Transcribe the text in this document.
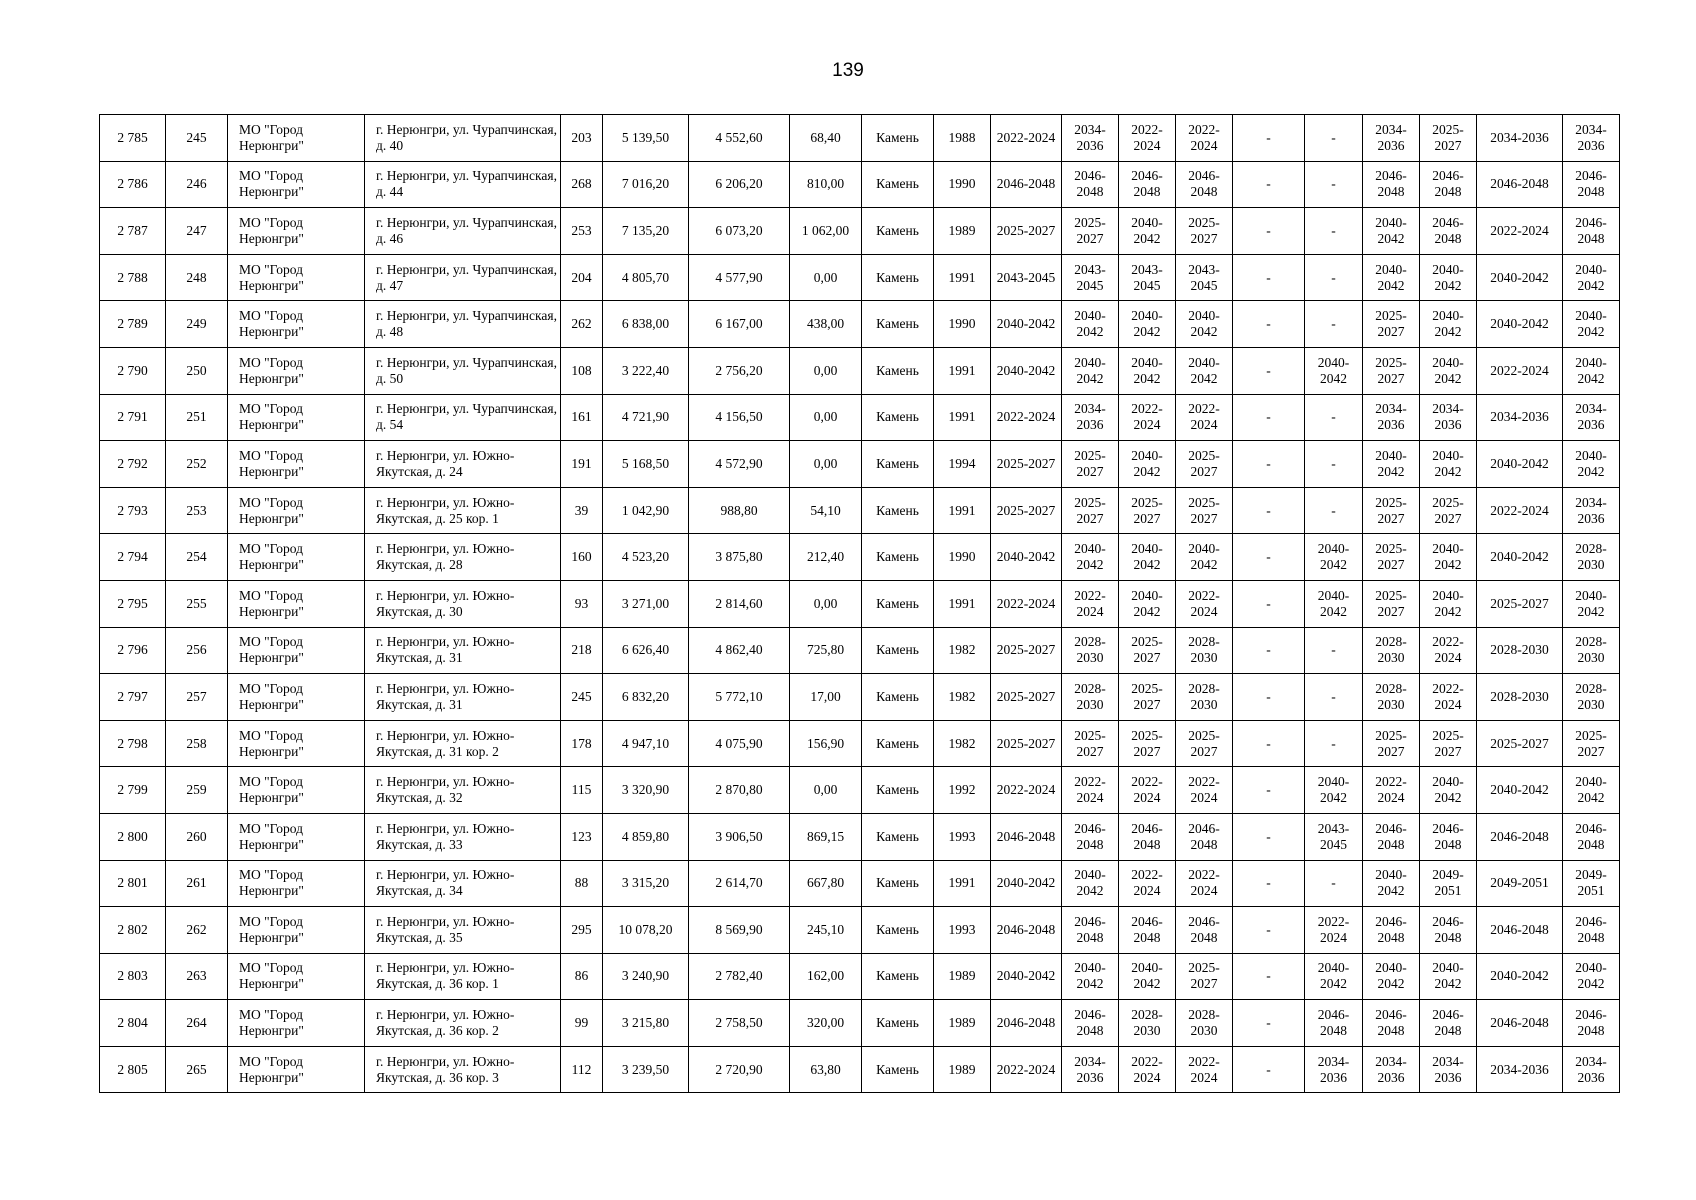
139
2 785	245	МО "Город Нерюнгри"	г. Нерюнгри, ул. Чурапчинская, д. 40	203	5 139,50	4 552,60	68,40	Камень	1988	2022-2024	2034-2036	2022-2024	2022-2024	-	-	2034-2036	2025-2027	2034-2036	2034-2036
2 786	246	МО "Город Нерюнгри"	г. Нерюнгри, ул. Чурапчинская, д. 44	268	7 016,20	6 206,20	810,00	Камень	1990	2046-2048	2046-2048	2046-2048	2046-2048	-	-	2046-2048	2046-2048	2046-2048	2046-2048
2 787	247	МО "Город Нерюнгри"	г. Нерюнгри, ул. Чурапчинская, д. 46	253	7 135,20	6 073,20	1 062,00	Камень	1989	2025-2027	2025-2027	2040-2042	2025-2027	-	-	2040-2042	2046-2048	2022-2024	2046-2048
2 788	248	МО "Город Нерюнгри"	г. Нерюнгри, ул. Чурапчинская, д. 47	204	4 805,70	4 577,90	0,00	Камень	1991	2043-2045	2043-2045	2043-2045	2043-2045	-	-	2040-2042	2040-2042	2040-2042	2040-2042
2 789	249	МО "Город Нерюнгри"	г. Нерюнгри, ул. Чурапчинская, д. 48	262	6 838,00	6 167,00	438,00	Камень	1990	2040-2042	2040-2042	2040-2042	2040-2042	-	-	2025-2027	2040-2042	2040-2042	2040-2042
2 790	250	МО "Город Нерюнгри"	г. Нерюнгри, ул. Чурапчинская, д. 50	108	3 222,40	2 756,20	0,00	Камень	1991	2040-2042	2040-2042	2040-2042	2040-2042	-	2040-2042	2025-2027	2040-2042	2022-2024	2040-2042
2 791	251	МО "Город Нерюнгри"	г. Нерюнгри, ул. Чурапчинская, д. 54	161	4 721,90	4 156,50	0,00	Камень	1991	2022-2024	2034-2036	2022-2024	2022-2024	-	-	2034-2036	2034-2036	2034-2036	2034-2036
2 792	252	МО "Город Нерюнгри"	г. Нерюнгри, ул. Южно-Якутская, д. 24	191	5 168,50	4 572,90	0,00	Камень	1994	2025-2027	2025-2027	2040-2042	2025-2027	-	-	2040-2042	2040-2042	2040-2042	2040-2042
2 793	253	МО "Город Нерюнгри"	г. Нерюнгри, ул. Южно-Якутская, д. 25 кор. 1	39	1 042,90	988,80	54,10	Камень	1991	2025-2027	2025-2027	2025-2027	2025-2027	-	-	2025-2027	2025-2027	2022-2024	2034-2036
2 794	254	МО "Город Нерюнгри"	г. Нерюнгри, ул. Южно-Якутская, д. 28	160	4 523,20	3 875,80	212,40	Камень	1990	2040-2042	2040-2042	2040-2042	2040-2042	-	2040-2042	2025-2027	2040-2042	2040-2042	2028-2030
2 795	255	МО "Город Нерюнгри"	г. Нерюнгри, ул. Южно-Якутская, д. 30	93	3 271,00	2 814,60	0,00	Камень	1991	2022-2024	2022-2024	2040-2042	2022-2024	-	2040-2042	2025-2027	2040-2042	2025-2027	2040-2042
2 796	256	МО "Город Нерюнгри"	г. Нерюнгри, ул. Южно-Якутская, д. 31	218	6 626,40	4 862,40	725,80	Камень	1982	2025-2027	2028-2030	2025-2027	2028-2030	-	-	2028-2030	2022-2024	2028-2030	2028-2030
2 797	257	МО "Город Нерюнгри"	г. Нерюнгри, ул. Южно-Якутская, д. 31	245	6 832,20	5 772,10	17,00	Камень	1982	2025-2027	2028-2030	2025-2027	2028-2030	-	-	2028-2030	2022-2024	2028-2030	2028-2030
2 798	258	МО "Город Нерюнгри"	г. Нерюнгри, ул. Южно-Якутская, д. 31 кор. 2	178	4 947,10	4 075,90	156,90	Камень	1982	2025-2027	2025-2027	2025-2027	2025-2027	-	-	2025-2027	2025-2027	2025-2027	2025-2027
2 799	259	МО "Город Нерюнгри"	г. Нерюнгри, ул. Южно-Якутская, д. 32	115	3 320,90	2 870,80	0,00	Камень	1992	2022-2024	2022-2024	2022-2024	2022-2024	-	2040-2042	2022-2024	2040-2042	2040-2042	2040-2042
2 800	260	МО "Город Нерюнгри"	г. Нерюнгри, ул. Южно-Якутская, д. 33	123	4 859,80	3 906,50	869,15	Камень	1993	2046-2048	2046-2048	2046-2048	2046-2048	-	2043-2045	2046-2048	2046-2048	2046-2048	2046-2048
2 801	261	МО "Город Нерюнгри"	г. Нерюнгри, ул. Южно-Якутская, д. 34	88	3 315,20	2 614,70	667,80	Камень	1991	2040-2042	2040-2042	2022-2024	2022-2024	-	-	2040-2042	2049-2051	2049-2051	2049-2051
2 802	262	МО "Город Нерюнгри"	г. Нерюнгри, ул. Южно-Якутская, д. 35	295	10 078,20	8 569,90	245,10	Камень	1993	2046-2048	2046-2048	2046-2048	2046-2048	-	2022-2024	2046-2048	2046-2048	2046-2048	2046-2048
2 803	263	МО "Город Нерюнгри"	г. Нерюнгри, ул. Южно-Якутская, д. 36 кор. 1	86	3 240,90	2 782,40	162,00	Камень	1989	2040-2042	2040-2042	2040-2042	2025-2027	-	2040-2042	2040-2042	2040-2042	2040-2042	2040-2042
2 804	264	МО "Город Нерюнгри"	г. Нерюнгри, ул. Южно-Якутская, д. 36 кор. 2	99	3 215,80	2 758,50	320,00	Камень	1989	2046-2048	2046-2048	2028-2030	2028-2030	-	2046-2048	2046-2048	2046-2048	2046-2048	2046-2048
2 805	265	МО "Город Нерюнгри"	г. Нерюнгри, ул. Южно-Якутская, д. 36 кор. 3	112	3 239,50	2 720,90	63,80	Камень	1989	2022-2024	2034-2036	2022-2024	2022-2024	-	2034-2036	2034-2036	2034-2036	2034-2036	2034-2036
